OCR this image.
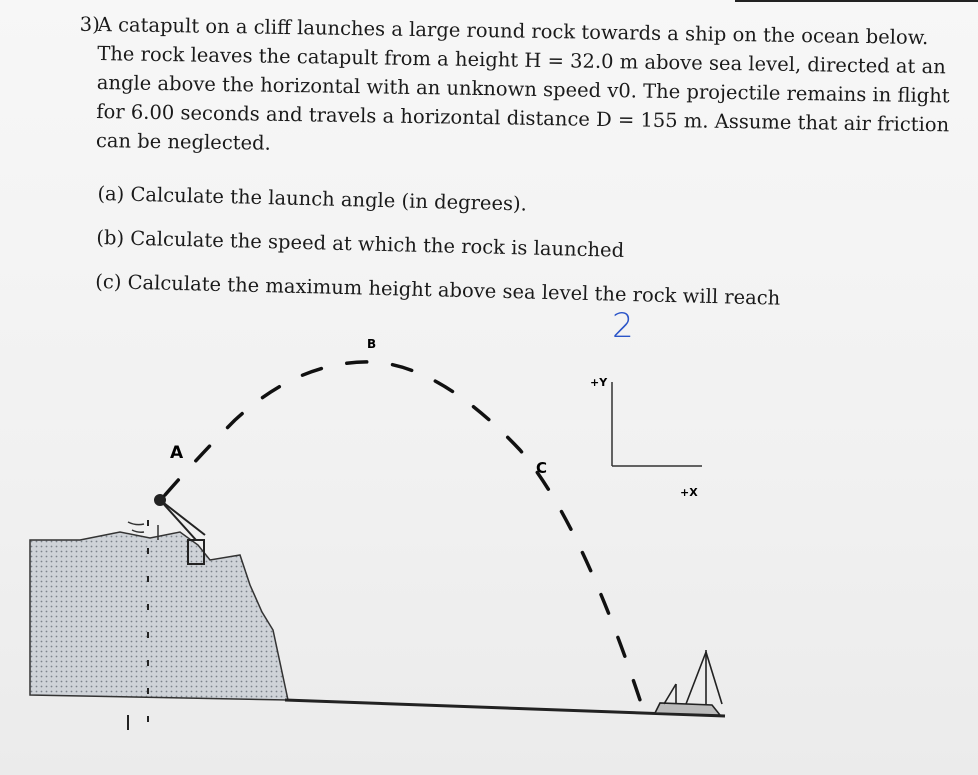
3)
A catapult on a cliff launches a large round rock towards a ship on the ocean below.
The rock leaves the catapult from a height H = 32.0 m above sea level, directed at an
angle above the horizontal with an unknown speed v0. The projectile remains in flight
for 6.00 seconds and travels a horizontal distance D = 155 m. Assume that air friction
can be neglected.
(a) Calculate the launch angle (in degrees).
(b) Calculate the speed at which the rock is launched
(c) Calculate the maximum height above sea level the rock will reach
2
A
B
C
+Y
+X
